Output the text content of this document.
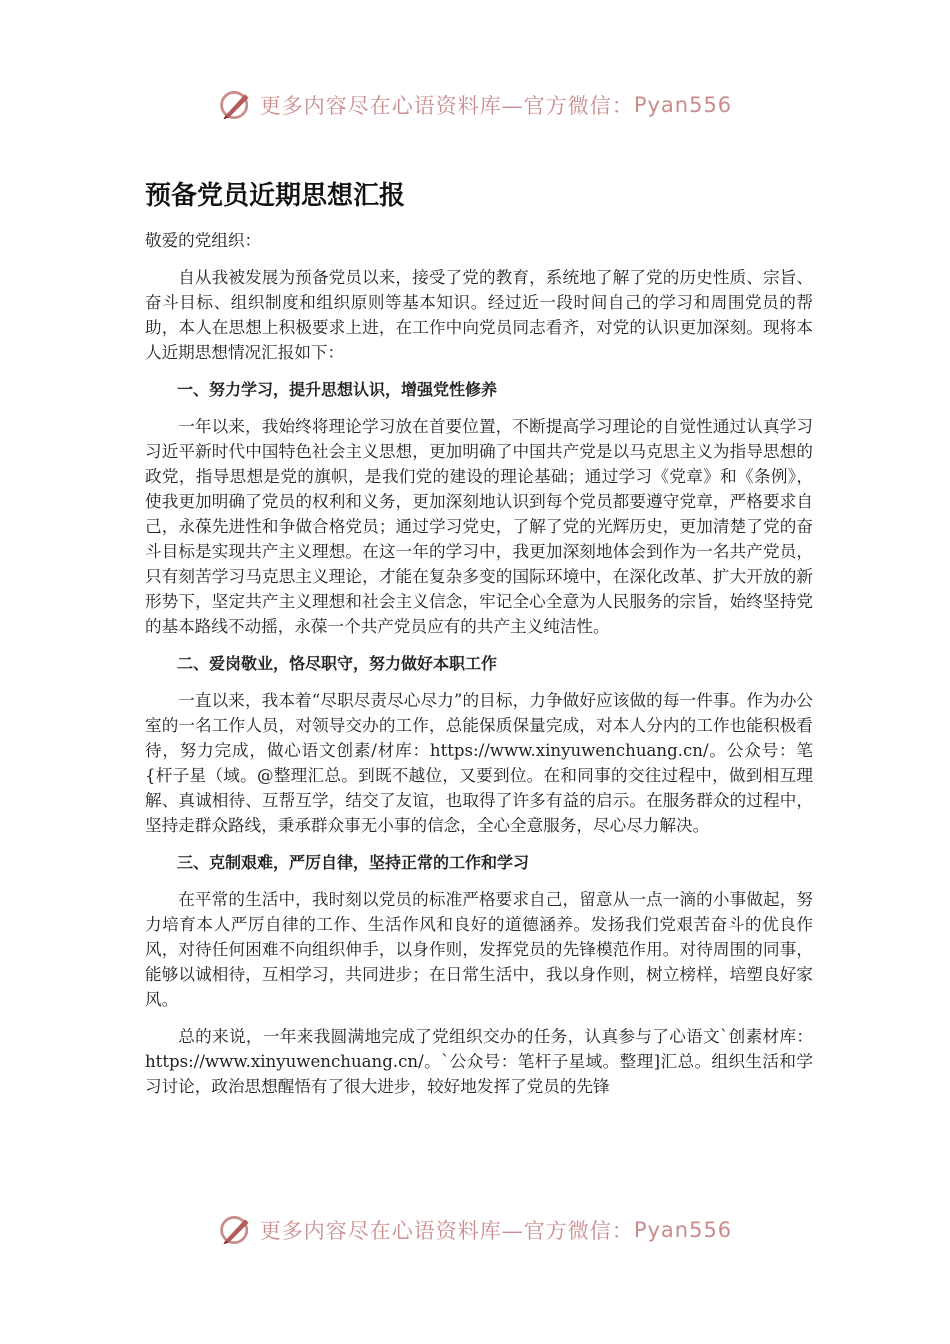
更多内容尽在心语资料库—官方微信： Pyan556
预备党员近期思想汇报

敬爱的党组织：

自从我被发展为预备党员以来，接受了党的教育，系统地了解了党的历史性质、宗旨、奋斗目标、组织制度和组织原则等基本知识。经过近一段时间自己的学习和周围党员的帮助，本人在思想上积极要求上进，在工作中向党员同志看齐，对党的认识更加深刻。现将本人近期思想情况汇报如下：

一、努力学习，提升思想认识，增强党性修养

一年以来，我始终将理论学习放在首要位置，不断提高学习理论的自觉性通过认真学习习近平新时代中国特色社会主义思想，更加明确了中国共产党是以马克思主义为指导思想的政党，指导思想是党的旗帜，是我们党的建设的理论基础；通过学习《党章》和《条例》，使我更加明确了党员的权利和义务，更加深刻地认识到每个党员都要遵守党章，严格要求自己，永葆先进性和争做合格党员；通过学习党史，了解了党的光辉历史，更加清楚了党的奋斗目标是实现共产主义理想。在这一年的学习中，我更加深刻地体会到作为一名共产党员，只有刻苦学习马克思主义理论，才能在复杂多变的国际环境中，在深化改革、扩大开放的新形势下，坚定共产主义理想和社会主义信念，牢记全心全意为人民服务的宗旨，始终坚持党的基本路线不动摇，永葆一个共产党员应有的共产主义纯洁性。

二、爱岗敬业，恪尽职守，努力做好本职工作

一直以来，我本着“尽职尽责尽心尽力”的目标，力争做好应该做的每一件事。作为办公室的一名工作人员，对领导交办的工作，总能保质保量完成，对本人分内的工作也能积极看待，努力完成，做心语文创素/材库：https://www.xinyuwenchuang.cn/。公众号：笔{杆子星（域。@整理汇总。到既不越位，又要到位。在和同事的交往过程中，做到相互理解、真诚相待、互帮互学，结交了友谊，也取得了许多有益的启示。在服务群众的过程中，坚持走群众路线，秉承群众事无小事的信念，全心全意服务，尽心尽力解决。

三、克制艰难，严厉自律，坚持正常的工作和学习

在平常的生活中，我时刻以党员的标准严格要求自己，留意从一点一滴的小事做起，努力培育本人严厉自律的工作、生活作风和良好的道德涵养。发扬我们党艰苦奋斗的优良作风，对待任何困难不向组织伸手，以身作则，发挥党员的先锋模范作用。对待周围的同事，能够以诚相待，互相学习，共同进步；在日常生活中，我以身作则，树立榜样，培塑良好家风。

总的来说，一年来我圆满地完成了党组织交办的任务，认真参与了心语文`创素材库：https://www.xinyuwenchuang.cn/。`公众号：笔杆子星域。整理]汇总。组织生活和学习讨论，政治思想醒悟有了很大进步，较好地发挥了党员的先锋

更多内容尽在心语资料库—官方微信： Pyan556
